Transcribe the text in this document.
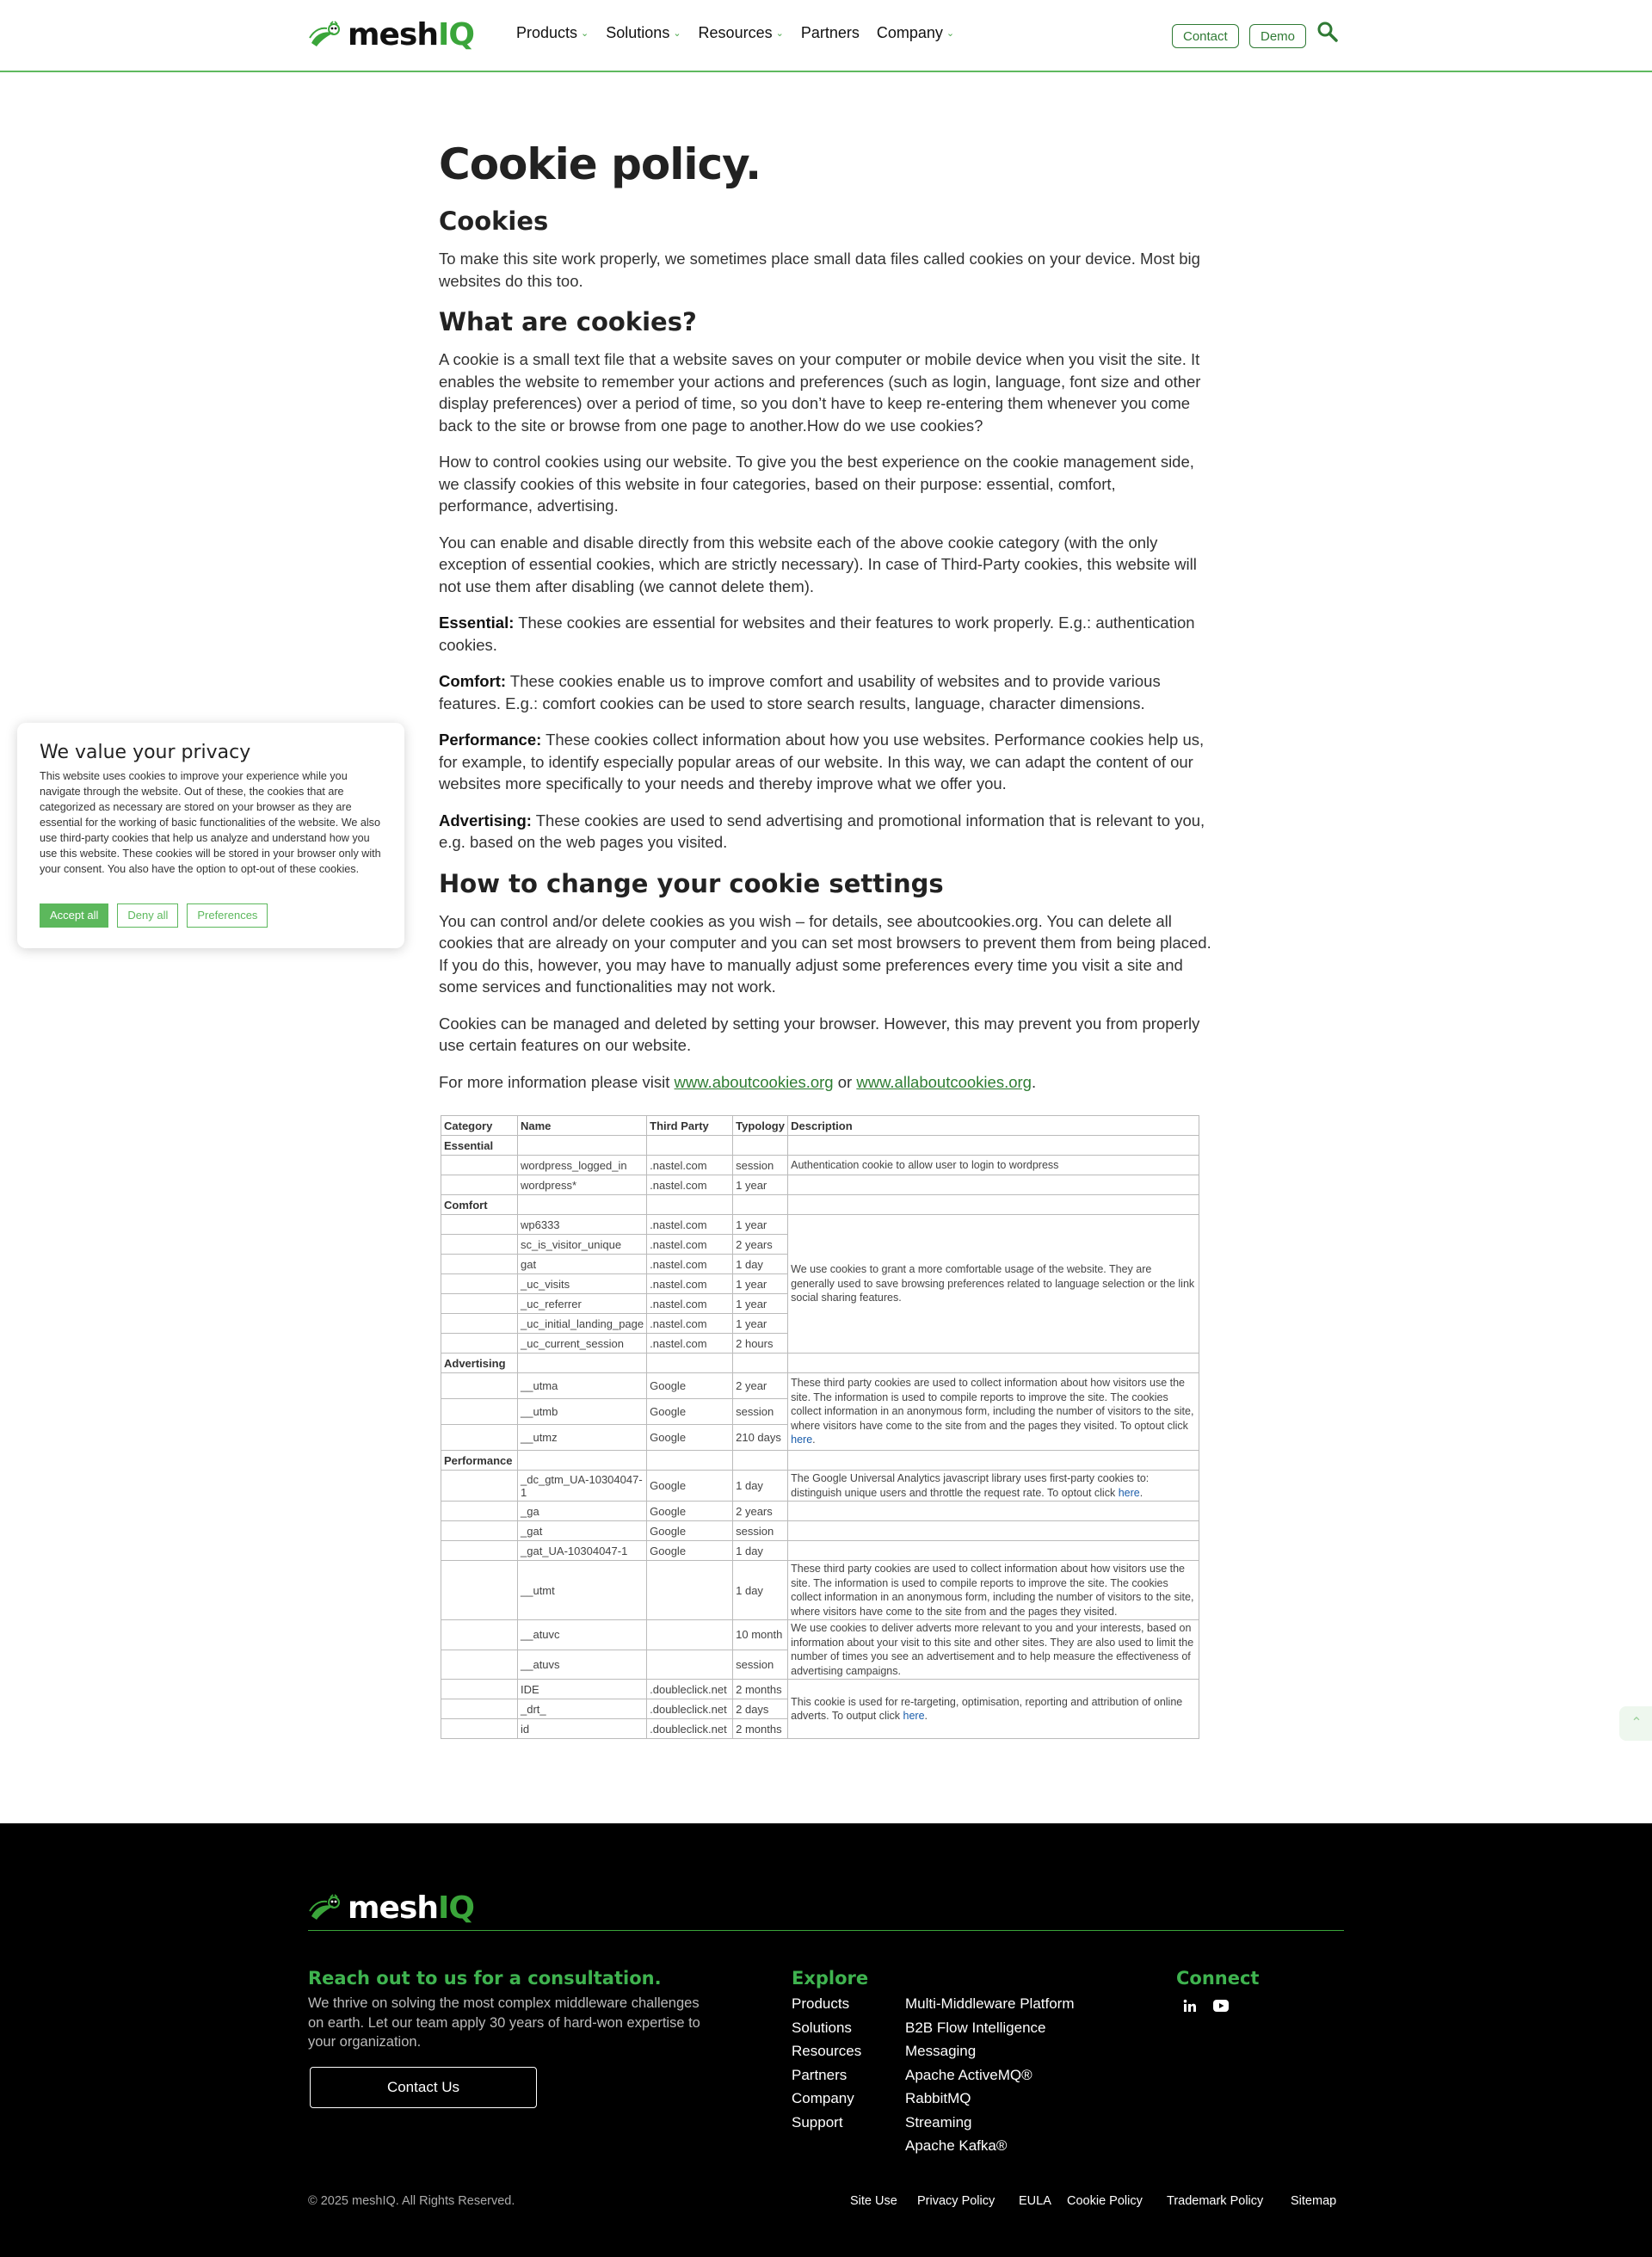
meshIQ	Products ⌄ Solutions ⌄ Resources ⌄ Partners Company ⌄	Contact	Demo
Cookie policy.
Cookies

To make this site work properly, we sometimes place small data files called cookies on your device. Most big websites do this too.

What are cookies?

A cookie is a small text file that a website saves on your computer or mobile device when you visit the site. It enables the website to remember your actions and preferences (such as login, language, font size and other display preferences) over a period of time, so you don’t have to keep re-entering them whenever you come back to the site or browse from one page to another.How do we use cookies?

How to control cookies using our website. To give you the best experience on the cookie management side, we classify cookies of this website in four categories, based on their purpose: essential, comfort, performance, advertising.

You can enable and disable directly from this website each of the above cookie category (with the only exception of essential cookies, which are strictly necessary). In case of Third-Party cookies, this website will not use them after disabling (we cannot delete them).

Essential: These cookies are essential for websites and their features to work properly. E.g.: authentication cookies.

Comfort: These cookies enable us to improve comfort and usability of websites and to provide various features. E.g.: comfort cookies can be used to store search results, language, character dimensions.

Performance: These cookies collect information about how you use websites. Performance cookies help us, for example, to identify especially popular areas of our website. In this way, we can adapt the content of our websites more specifically to your needs and thereby improve what we offer you.

Advertising: These cookies are used to send advertising and promotional information that is relevant to you, e.g. based on the web pages you visited.

How to change your cookie settings

You can control and/or delete cookies as you wish – for details, see aboutcookies.org. You can delete all cookies that are already on your computer and you can set most browsers to prevent them from being placed. If you do this, however, you may have to manually adjust some preferences every time you visit a site and some services and functionalities may not work.

Cookies can be managed and deleted by setting your browser. However, this may prevent you from properly use certain features on our website.

For more information please visit www.aboutcookies.org or www.allaboutcookies.org.

Category	Name	Third Party	Typology	Description
Essential				
	wordpress_logged_in	.nastel.com	session	Authentication cookie to allow user to login to wordpress
	wordpress*	.nastel.com	1 year	
Comfort				
	wp6333	.nastel.com	1 year	We use cookies to grant a more comfortable usage of the website. They are generally used to save browsing preferences related to language selection or the link social sharing features.
	sc_is_visitor_unique	.nastel.com	2 years	
	gat	.nastel.com	1 day	
	_uc_visits	.nastel.com	1 year	
	_uc_referrer	.nastel.com	1 year	
	_uc_initial_landing_page	.nastel.com	1 year	
	_uc_current_session	.nastel.com	2 hours	
Advertising				
	__utma	Google	2 year	These third party cookies are used to collect information about how visitors use the site. The information is used to compile reports to improve the site. The cookies collect information in an anonymous form, including the number of visitors to the site, where visitors have come to the site from and the pages they visited. To optout click here.
	__utmb	Google	session	
	__utmz	Google	210 days	
Performance				
	_dc_gtm_UA-10304047-1	Google	1 day	The Google Universal Analytics javascript library uses first-party cookies to: distinguish unique users and throttle the request rate. To optout click here.
	_ga	Google	2 years	
	_gat	Google	session	
	_gat_UA-10304047-1	Google	1 day	
	__utmt		1 day	These third party cookies are used to collect information about how visitors use the site. The information is used to compile reports to improve the site. The cookies collect information in an anonymous form, including the number of visitors to the site, where visitors have come to the site from and the pages they visited.
	__atuvc		10 month	We use cookies to deliver adverts more relevant to you and your interests, based on information about your visit to this site and other sites. They are also used to limit the number of times you see an advertisement and to help measure the effectiveness of advertising campaigns.
	__atuvs		session	
	IDE	.doubleclick.net	2 months	This cookie is used for re-targeting, optimisation, reporting and attribution of online adverts. To output click here.
	_drt_	.doubleclick.net	2 days	
	id	.doubleclick.net	2 months	
We value your privacy

This website uses cookies to improve your experience while you navigate through the website. Out of these, the cookies that are categorized as necessary are stored on your browser as they are essential for the working of basic functionalities of the website. We also use third-party cookies that help us analyze and understand how you use this website. These cookies will be stored in your browser only with your consent. You also have the option to opt-out of these cookies.

Accept all	Deny all	Preferences
⌃
meshIQ
Reach out to us for a consultation.
We thrive on solving the most complex middleware challenges on earth. Let our team apply 30 years of hard-won expertise to your organization.
Contact Us
Explore
Products
Solutions
Resources
Partners
Company
Support
Multi-Middleware Platform
B2B Flow Intelligence
Messaging
Apache ActiveMQ®
RabbitMQ
Streaming
Apache Kafka®
Connect
© 2025 meshIQ. All Rights Reserved.	Site Use Privacy Policy EULA Cookie Policy Trademark Policy Sitemap
